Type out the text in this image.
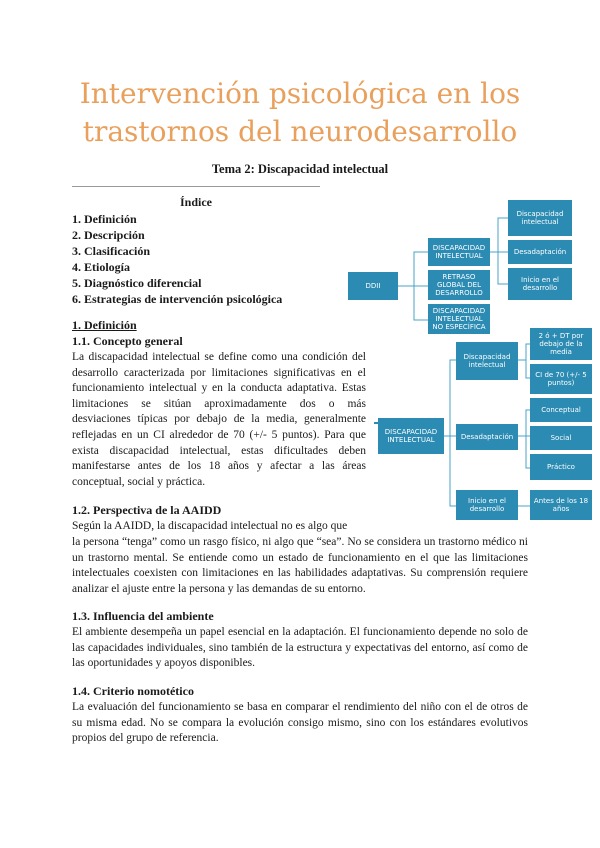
Intervención psicológica en los
trastornos del neurodesarrollo
Tema 2: Discapacidad intelectual
Índice
1. Definición
2. Descripción
3. Clasificación
4. Etiología
5. Diagnóstico diferencial
6. Estrategias de intervención psicológica
DDII
DISCAPACIDAD INTELECTUAL
RETRASO GLOBAL DEL DESARROLLO
DISCAPACIDAD INTELECTUAL NO ESPECÍFICA
Discapacidad intelectual
Desadaptación
Inicio en el desarrollo
DISCAPACIDAD INTELECTUAL
Discapacidad intelectual
Desadaptación
Inicio en el desarrollo
2 ó + DT por debajo de la media
CI de 70 (+/- 5 puntos)
Conceptual
Social
Práctico
Antes de los 18 años
1. Definición
1.1. Concepto general
La discapacidad intelectual se define como una condición del desarrollo caracterizada por limitaciones significativas en el funcionamiento intelectual y en la conducta adaptativa. Estas limitaciones se sitúan aproximadamente dos o más desviaciones típicas por debajo de la media, generalmente reflejadas en un CI alrededor de 70 (+/- 5 puntos). Para que exista discapacidad intelectual, estas dificultades deben manifestarse antes de los 18 años y afectar a las áreas conceptual, social y práctica.
1.2. Perspectiva de la AAIDD
Según la AAIDD, la discapacidad intelectual no es algo que
la persona “tenga” como un rasgo físico, ni algo que “sea”. No se considera un trastorno médico ni un trastorno mental. Se entiende como un estado de funcionamiento en el que las limitaciones intelectuales coexisten con limitaciones en las habilidades adaptativas. Su comprensión requiere analizar el ajuste entre la persona y las demandas de su entorno.
1.3. Influencia del ambiente
El ambiente desempeña un papel esencial en la adaptación. El funcionamiento depende no solo de las capacidades individuales, sino también de la estructura y expectativas del entorno, así como de las oportunidades y apoyos disponibles.
1.4. Criterio nomotético
La evaluación del funcionamiento se basa en comparar el rendimiento del niño con el de otros de su misma edad. No se compara la evolución consigo mismo, sino con los estándares evolutivos propios del grupo de referencia.
